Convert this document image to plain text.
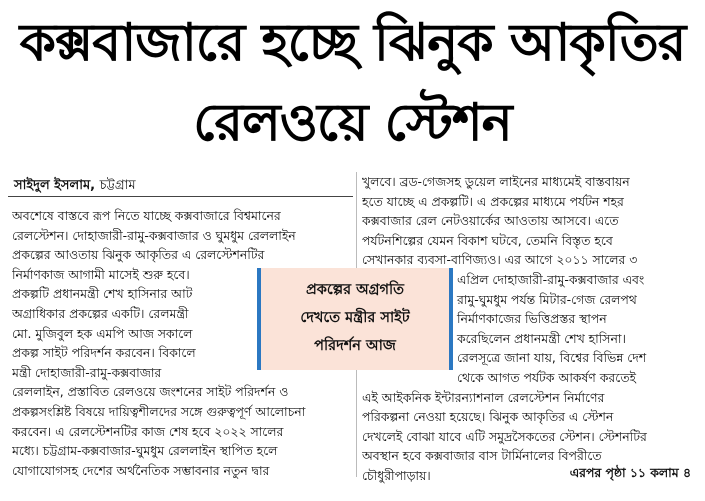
কক্সবাজারে হচ্ছে ঝিনুক আকৃতির
রেলওয়ে স্টেশন
সাইদুল ইসলাম, চট্টগ্রাম
অবশেষে বাস্তবে রূপ নিতে যাচ্ছে কক্সবাজারে বিশ্বমানের
রেলস্টেশন। দোহাজারী-রামু-কক্সবাজার ও ঘুমধুম রেললাইন
প্রকল্পের আওতায় ঝিনুক আকৃতির এ রেলস্টেশনটির
নির্মাণকাজ আগামী মাসেই শুরু হবে।
প্রকল্পটি প্রধানমন্ত্রী শেখ হাসিনার আট
অগ্রাধিকার প্রকল্পের একটি। রেলমন্ত্রী
মো. মুজিবুল হক এমপি আজ সকালে
প্রকল্প সাইট পরিদর্শন করবেন। বিকালে
মন্ত্রী দোহাজারী-রামু-কক্সবাজার
রেললাইন, প্রস্তাবিত রেলওয়ে জংশনের সাইট পরিদর্শন ও
প্রকল্পসংশ্লিষ্ট বিষয়ে দায়িত্বশীলদের সঙ্গে গুরুত্বপূর্ণ আলোচনা
করবেন। এ রেলস্টেশনটির কাজ শেষ হবে ২০২২ সালের
মধ্যে। চট্টগ্রাম-কক্সবাজার-ঘুমধুম রেললাইন স্থাপিত হলে
যোগাযোগসহ দেশের অর্থনৈতিক সম্ভাবনার নতুন দ্বার
খুলবে। ব্রড-গেজসহ ডুয়েল লাইনের মাধ্যমেই বাস্তবায়ন
হতে যাচ্ছে এ প্রকল্পটি। এ প্রকল্পের মাধ্যমে পর্যটন শহর
কক্সবাজার রেল নেটওয়ার্কের আওতায় আসবে। এতে
পর্যটনশিল্পের যেমন বিকাশ ঘটবে, তেমনি বিস্তৃত হবে
সেখানকার ব্যবসা-বাণিজ্যও। এর আগে ২০১১ সালের ৩
এপ্রিল দোহাজারী-রামু-কক্সবাজার এবং
রামু-ঘুমধুম পর্যন্ত মিটার-গেজ রেলপথ
নির্মাণকাজের ভিত্তিপ্রস্তর স্থাপন
করেছিলেন প্রধানমন্ত্রী শেখ হাসিনা।
রেলসূত্রে জানা যায়, বিশ্বের বিভিন্ন দেশ
থেকে আগত পর্যটক আকর্ষণ করতেই
এই আইকনিক ইন্টারন্যাশনাল রেলস্টেশন নির্মাণের
পরিকল্পনা নেওয়া হয়েছে। ঝিনুক আকৃতির এ স্টেশন
দেখলেই বোঝা যাবে এটি সমুদ্রসৈকতের স্টেশন। স্টেশনটির
অবস্থান হবে কক্সবাজার বাস টার্মিনালের বিপরীতে
চৌধুরীপাড়ায়।
প্রকল্পের অগ্রগতি
দেখতে মন্ত্রীর সাইট
পরিদর্শন আজ
এরপর পৃষ্ঠা ১১ কলাম ৪
